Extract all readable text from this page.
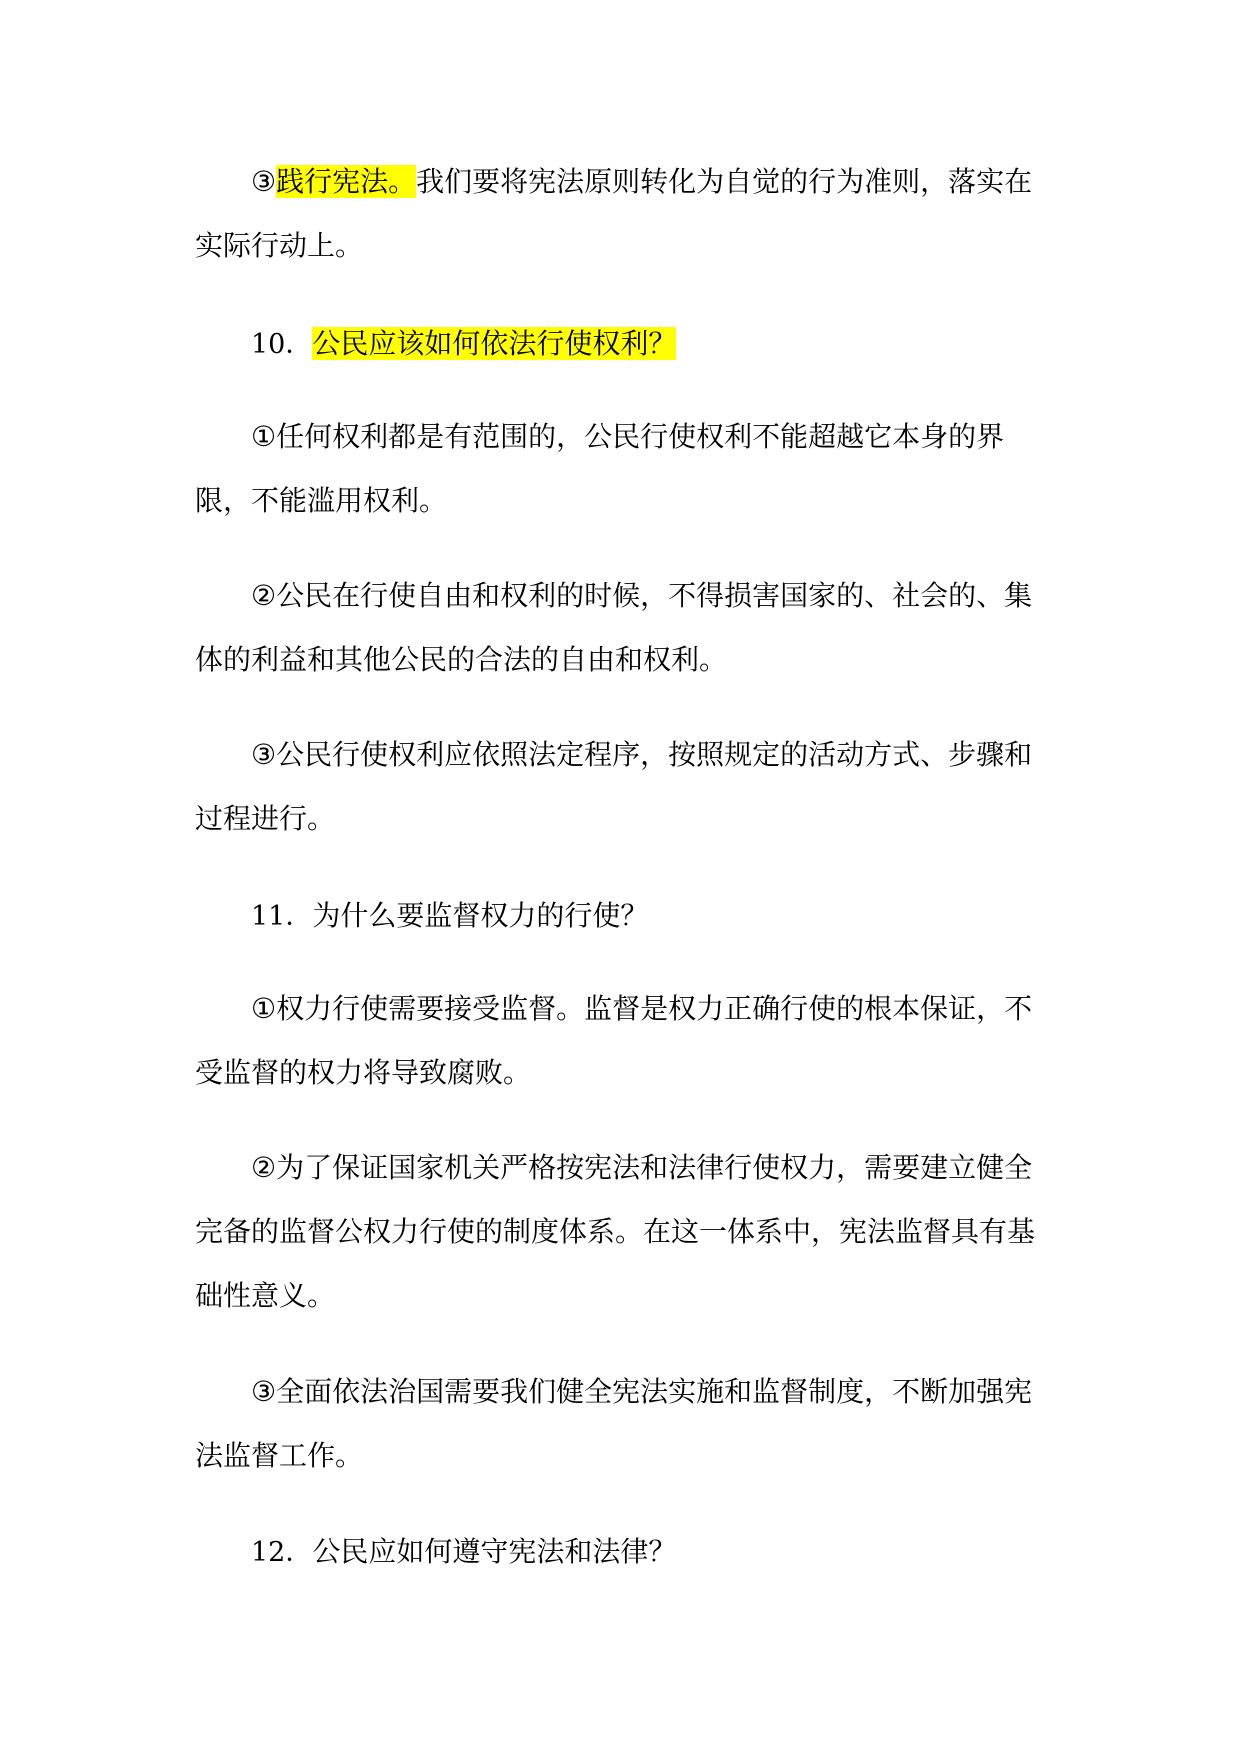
③践行宪法。我们要将宪法原则转化为自觉的行为准则，落实在实际行动上。

10．公民应该如何依法行使权利？

①任何权利都是有范围的，公民行使权利不能超越它本身的界限，不能滥用权利。

②公民在行使自由和权利的时候，不得损害国家的、社会的、集体的利益和其他公民的合法的自由和权利。

③公民行使权利应依照法定程序，按照规定的活动方式、步骤和过程进行。

11．为什么要监督权力的行使？

①权力行使需要接受监督。监督是权力正确行使的根本保证，不受监督的权力将导致腐败。

②为了保证国家机关严格按宪法和法律行使权力，需要建立健全完备的监督公权力行使的制度体系。在这一体系中，宪法监督具有基础性意义。

③全面依法治国需要我们健全宪法实施和监督制度，不断加强宪法监督工作。

12．公民应如何遵守宪法和法律？
